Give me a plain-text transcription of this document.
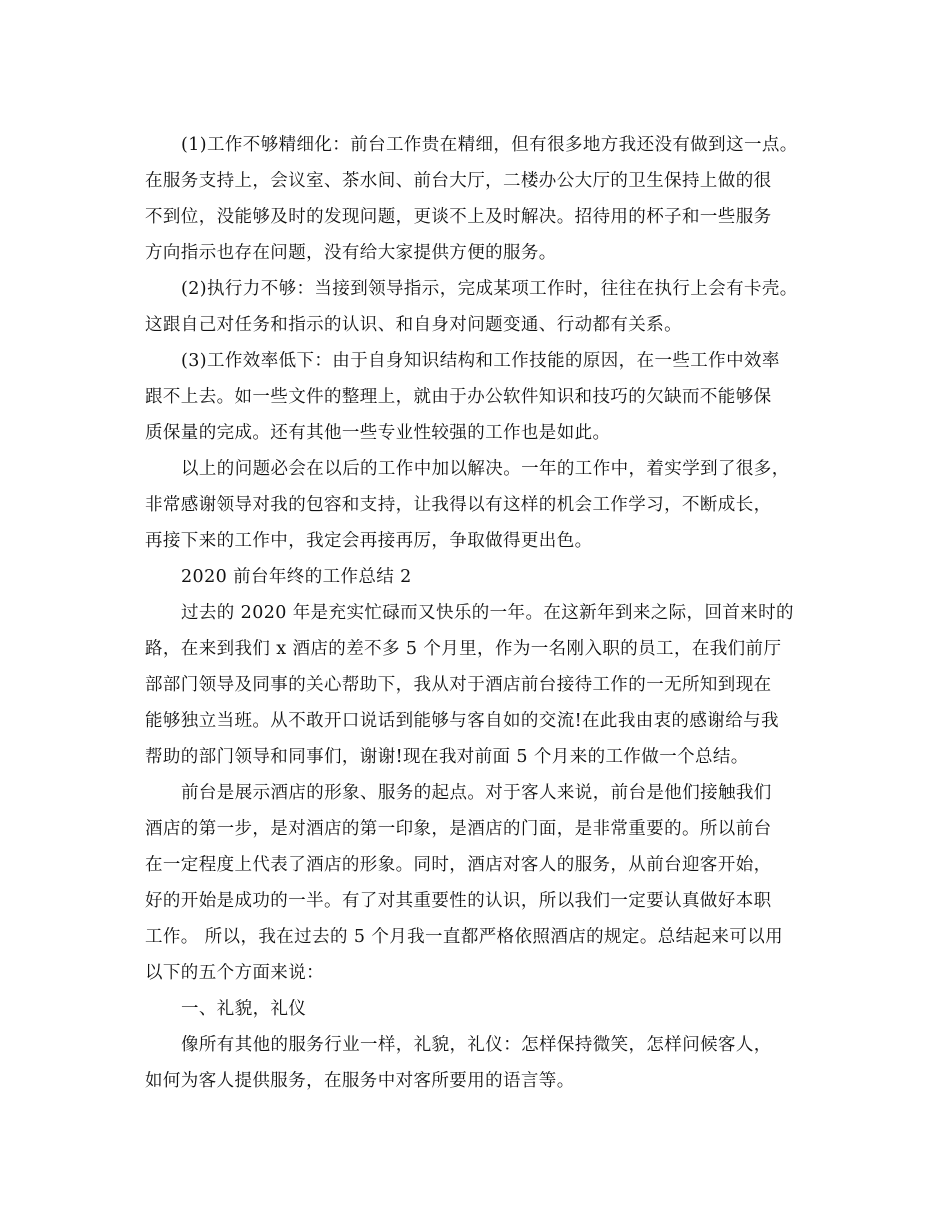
(1)工作不够精细化：前台工作贵在精细，但有很多地方我还没有做到这一点。
在服务支持上，会议室、茶水间、前台大厅，二楼办公大厅的卫生保持上做的很
不到位，没能够及时的发现问题，更谈不上及时解决。招待用的杯子和一些服务
方向指示也存在问题，没有给大家提供方便的服务。
(2)执行力不够：当接到领导指示，完成某项工作时，往往在执行上会有卡壳。
这跟自己对任务和指示的认识、和自身对问题变通、行动都有关系。
(3)工作效率低下：由于自身知识结构和工作技能的原因，在一些工作中效率
跟不上去。如一些文件的整理上，就由于办公软件知识和技巧的欠缺而不能够保
质保量的完成。还有其他一些专业性较强的工作也是如此。
以上的问题必会在以后的工作中加以解决。一年的工作中，着实学到了很多，
非常感谢领导对我的包容和支持，让我得以有这样的机会工作学习，不断成长，
再接下来的工作中，我定会再接再厉，争取做得更出色。
2020 前台年终的工作总结 2
过去的 2020 年是充实忙碌而又快乐的一年。在这新年到来之际，回首来时的
路，在来到我们 x 酒店的差不多 5 个月里，作为一名刚入职的员工，在我们前厅
部部门领导及同事的关心帮助下，我从对于酒店前台接待工作的一无所知到现在
能够独立当班。从不敢开口说话到能够与客自如的交流!在此我由衷的感谢给与我
帮助的部门领导和同事们，谢谢!现在我对前面 5 个月来的工作做一个总结。
前台是展示酒店的形象、服务的起点。对于客人来说，前台是他们接触我们
酒店的第一步，是对酒店的第一印象，是酒店的门面，是非常重要的。所以前台
在一定程度上代表了酒店的形象。同时，酒店对客人的服务，从前台迎客开始，
好的开始是成功的一半。有了对其重要性的认识，所以我们一定要认真做好本职
工作。 所以，我在过去的 5 个月我一直都严格依照酒店的规定。总结起来可以用
以下的五个方面来说：
一、礼貌，礼仪
像所有其他的服务行业一样，礼貌，礼仪：怎样保持微笑，怎样问候客人，
如何为客人提供服务，在服务中对客所要用的语言等。
